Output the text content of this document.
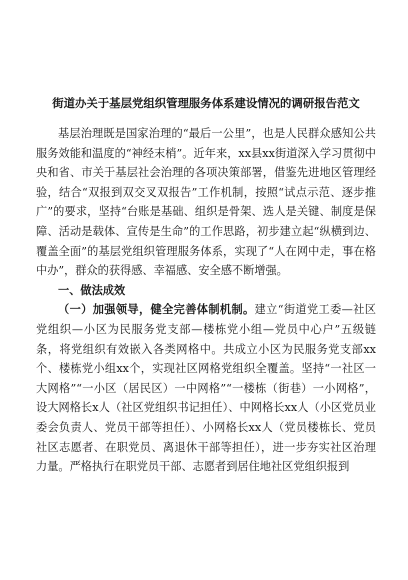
街道办关于基层党组织管理服务体系建设情况的调研报告范文

基层治理既是国家治理的“最后一公里”，也是人民群众感知公共服务效能和温度的“神经末梢”。近年来，xx县xx街道深入学习贯彻中央和省、市关于基层社会治理的各项决策部署，借鉴先进地区管理经验，结合“双报到双交叉双报告”工作机制，按照“试点示范、逐步推广”的要求，坚持“台账是基础、组织是骨架、选人是关键、制度是保障、活动是载体、宣传是生命”的工作思路，初步建立起“纵横到边、覆盖全面”的基层党组织管理服务体系，实现了“人在网中走，事在格中办”，群众的获得感、幸福感、安全感不断增强。

一、做法成效

（一）加强领导，健全完善体制机制。建立“街道党工委—社区党组织—小区为民服务党支部—楼栋党小组—党员中心户”五级链条，将党组织有效嵌入各类网格中。共成立小区为民服务党支部xx个、楼栋党小组xx个，实现社区网格党组织全覆盖。坚持“一社区一大网格”“一小区（居民区）一中网格”“一楼栋（街巷）一小网格”，设大网格长x人（社区党组织书记担任）、中网格长xx人（小区党员业委会负责人、党员干部等担任）、小网格长xx人（党员楼栋长、党员社区志愿者、在职党员、离退休干部等担任），进一步夯实社区治理力量。严格执行在职党员干部、志愿者到居住地社区党组织报到
